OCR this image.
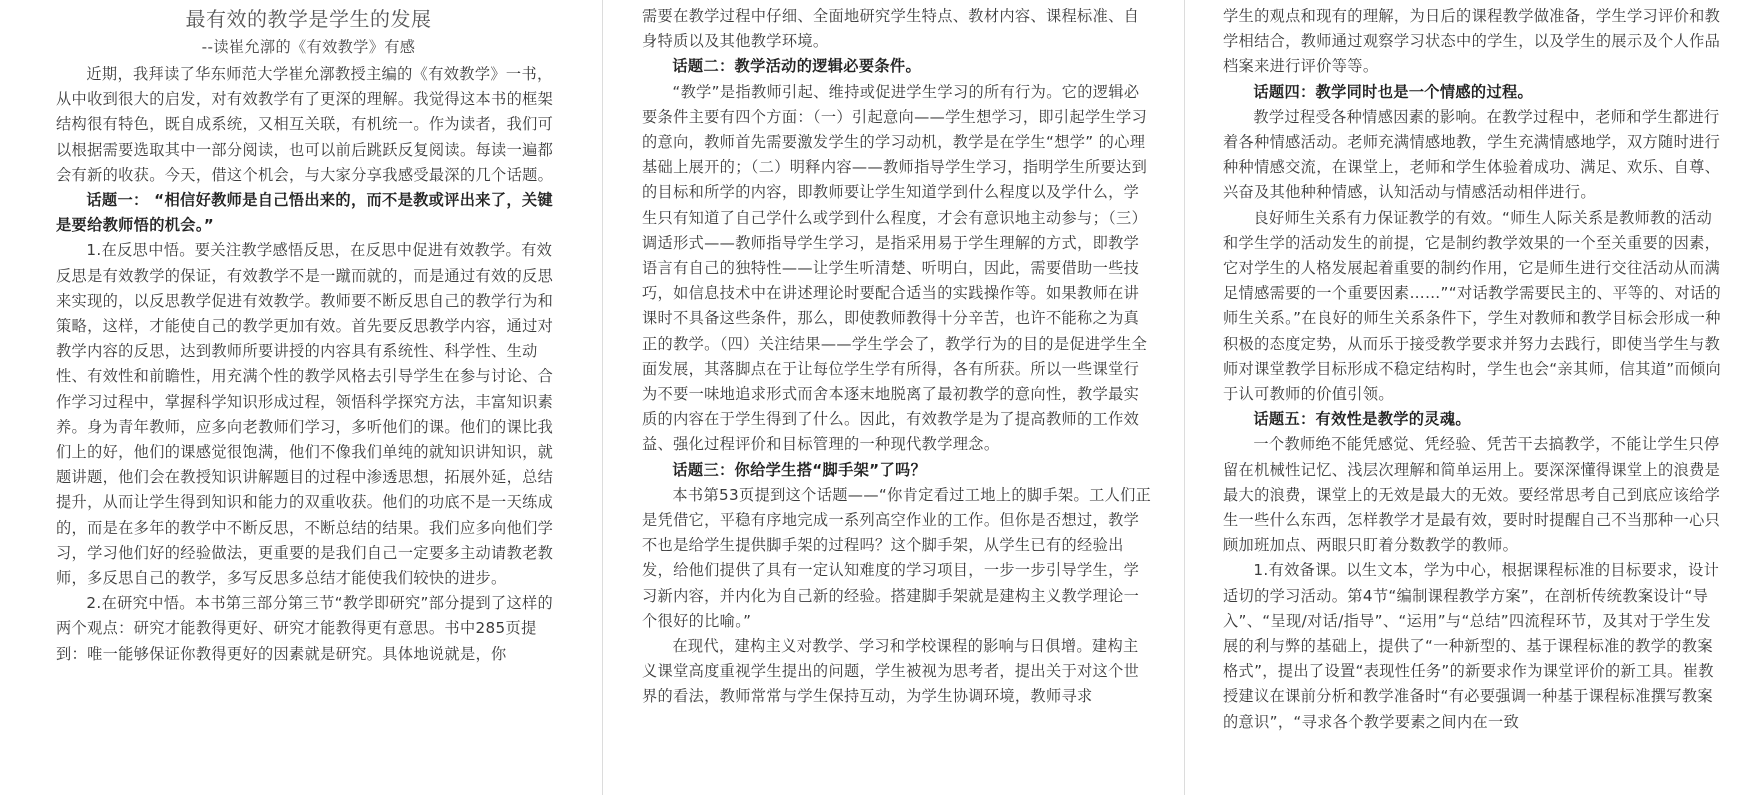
最有效的教学是学生的发展
--读崔允漷的《有效教学》有感

近期，我拜读了华东师范大学崔允漷教授主编的《有效教学》一书，从中收到很大的启发，对有效教学有了更深的理解。我觉得这本书的框架结构很有特色，既自成系统，又相互关联，有机统一。作为读者，我们可以根据需要选取其中一部分阅读，也可以前后跳跃反复阅读。每读一遍都会有新的收获。今天，借这个机会，与大家分享我感受最深的几个话题。

话题一： “相信好教师是自己悟出来的，而不是教或评出来了，关键是要给教师悟的机会。”

1.在反思中悟。要关注教学感悟反思，在反思中促进有效教学。有效反思是有效教学的保证，有效教学不是一蹴而就的，而是通过有效的反思来实现的，以反思教学促进有效教学。教师要不断反思自己的教学行为和策略，这样，才能使自己的教学更加有效。首先要反思教学内容，通过对教学内容的反思，达到教师所要讲授的内容具有系统性、科学性、生动性、有效性和前瞻性，用充满个性的教学风格去引导学生在参与讨论、合作学习过程中，掌握科学知识形成过程，领悟科学探究方法，丰富知识素养。身为青年教师，应多向老教师们学习，多听他们的课。他们的课比我们上的好，他们的课感觉很饱满，他们不像我们单纯的就知识讲知识，就题讲题，他们会在教授知识讲解题目的过程中渗透思想，拓展外延，总结提升，从而让学生得到知识和能力的双重收获。他们的功底不是一天练成的，而是在多年的教学中不断反思，不断总结的结果。我们应多向他们学习，学习他们好的经验做法，更重要的是我们自己一定要多主动请教老教师，多反思自己的教学，多写反思多总结才能使我们较快的进步。

2.在研究中悟。本书第三部分第三节“教学即研究”部分提到了这样的两个观点：研究才能教得更好、研究才能教得更有意思。书中285页提到：唯一能够保证你教得更好的因素就是研究。具体地说就是，你

需要在教学过程中仔细、全面地研究学生特点、教材内容、课程标准、自身特质以及其他教学环境。

话题二：教学活动的逻辑必要条件。

“教学”是指教师引起、维持或促进学生学习的所有行为。它的逻辑必要条件主要有四个方面：（一）引起意向——学生想学习，即引起学生学习的意向，教师首先需要激发学生的学习动机，教学是在学生“想学” 的心理基础上展开的；（二）明释内容——教师指导学生学习，指明学生所要达到的目标和所学的内容，即教师要让学生知道学到什么程度以及学什么，学生只有知道了自己学什么或学到什么程度，才会有意识地主动参与；（三）调适形式——教师指导学生学习，是指采用易于学生理解的方式，即教学语言有自己的独特性——让学生听清楚、听明白，因此，需要借助一些技巧，如信息技术中在讲述理论时要配合适当的实践操作等。如果教师在讲课时不具备这些条件，那么，即使教师教得十分辛苦，也许不能称之为真正的教学。（四）关注结果——学生学会了，教学行为的目的是促进学生全面发展，其落脚点在于让每位学生学有所得，各有所获。所以一些课堂行为不要一味地追求形式而舍本逐末地脱离了最初教学的意向性，教学最实质的内容在于学生得到了什么。因此，有效教学是为了提高教师的工作效益、强化过程评价和目标管理的一种现代教学理念。

话题三：你给学生搭“脚手架”了吗？

本书第53页提到这个话题——“你肯定看过工地上的脚手架。工人们正是凭借它，平稳有序地完成一系列高空作业的工作。但你是否想过，教学不也是给学生提供脚手架的过程吗？这个脚手架，从学生已有的经验出发，给他们提供了具有一定认知难度的学习项目，一步一步引导学生，学习新内容，并内化为自己新的经验。搭建脚手架就是建构主义教学理论一个很好的比喻。”

在现代，建构主义对教学、学习和学校课程的影响与日俱增。建构主义课堂高度重视学生提出的问题，学生被视为思考者，提出关于对这个世界的看法，教师常常与学生保持互动，为学生协调环境，教师寻求

学生的观点和现有的理解，为日后的课程教学做准备，学生学习评价和教学相结合，教师通过观察学习状态中的学生，以及学生的展示及个人作品档案来进行评价等等。

话题四：教学同时也是一个情感的过程。

教学过程受各种情感因素的影响。在教学过程中，老师和学生都进行着各种情感活动。老师充满情感地教，学生充满情感地学，双方随时进行种种情感交流，在课堂上，老师和学生体验着成功、满足、欢乐、自尊、兴奋及其他种种情感，认知活动与情感活动相伴进行。

良好师生关系有力保证教学的有效。“师生人际关系是教师教的活动和学生学的活动发生的前提，它是制约教学效果的一个至关重要的因素，它对学生的人格发展起着重要的制约作用，它是师生进行交往活动从而满足情感需要的一个重要因素……”“对话教学需要民主的、平等的、对话的师生关系。”在良好的师生关系条件下，学生对教师和教学目标会形成一种积极的态度定势，从而乐于接受教学要求并努力去践行，即使当学生与教师对课堂教学目标形成不稳定结构时，学生也会“亲其师，信其道”而倾向于认可教师的价值引领。

话题五：有效性是教学的灵魂。

一个教师绝不能凭感觉、凭经验、凭苦干去搞教学，不能让学生只停留在机械性记忆、浅层次理解和简单运用上。要深深懂得课堂上的浪费是最大的浪费，课堂上的无效是最大的无效。要经常思考自己到底应该给学生一些什么东西，怎样教学才是最有效，要时时提醒自己不当那种一心只顾加班加点、两眼只盯着分数教学的教师。

1.有效备课。以生文本，学为中心，根据课程标准的目标要求，设计适切的学习活动。第4节“编制课程教学方案”，在剖析传统教案设计“导入”、“呈现/对话/指导”、“运用”与“总结”四流程环节，及其对于学生发展的利与弊的基础上，提供了“一种新型的、基于课程标准的教学的教案格式”，提出了设置“表现性任务”的新要求作为课堂评价的新工具。崔教授建议在课前分析和教学准备时“有必要强调一种基于课程标准撰写教案的意识”，“寻求各个教学要素之间内在一致
